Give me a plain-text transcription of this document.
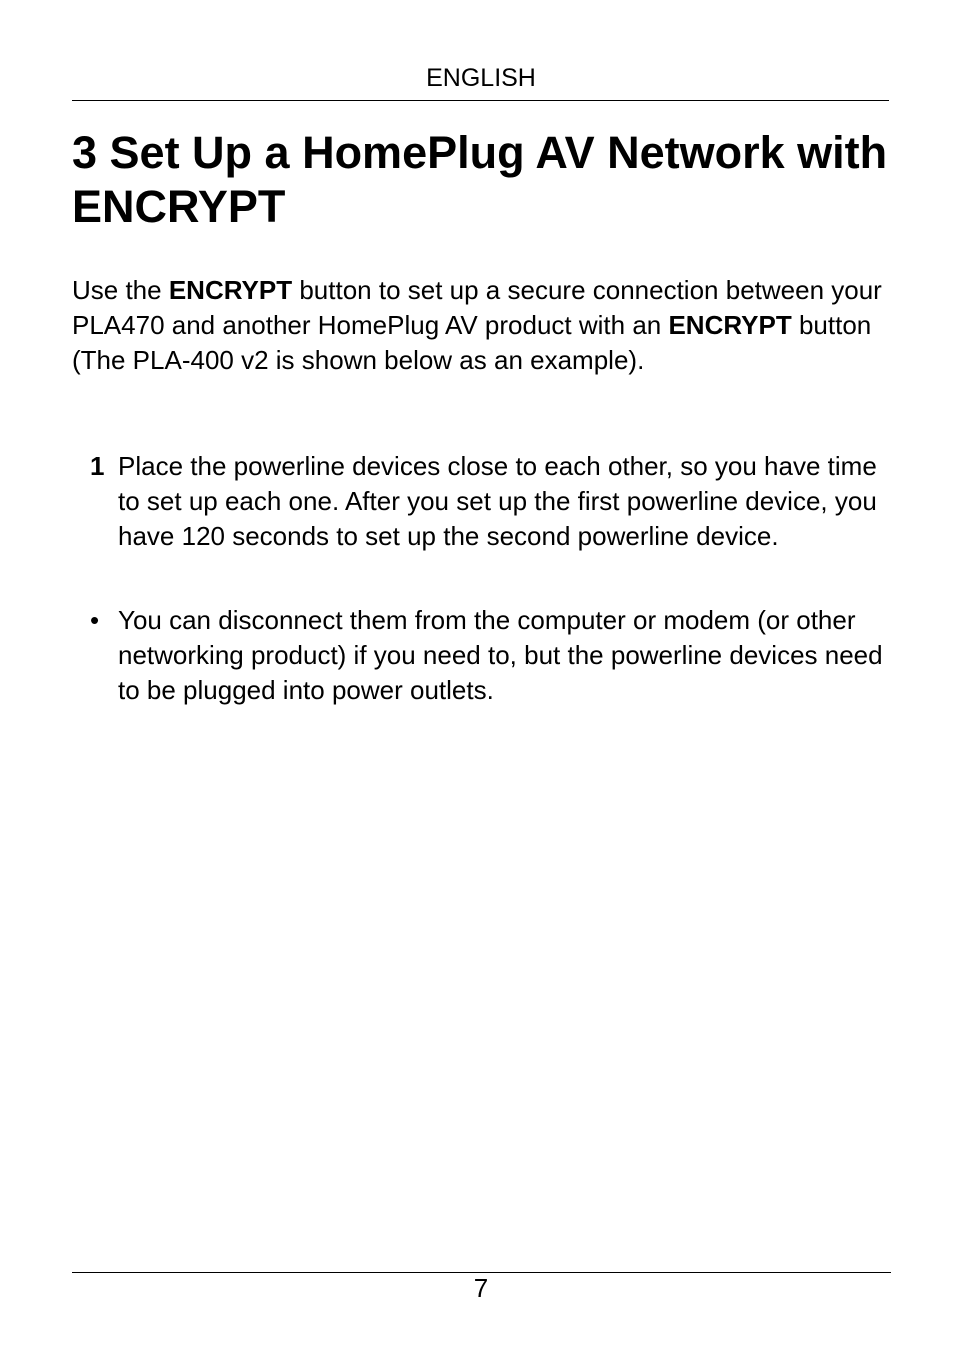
ENGLISH
3 Set Up a HomePlug AV Network with ENCRYPT

Use the ENCRYPT button to set up a secure connection between your PLA470 and another HomePlug AV product with an ENCRYPT button (The PLA-400 v2 is shown below as an example).

1 Place the powerline devices close to each other, so you have time to set up each one. After you set up the first powerline device, you have 120 seconds to set up the second powerline device.
• You can disconnect them from the computer or modem (or other networking product) if you need to, but the powerline devices need to be plugged into power outlets.
7
